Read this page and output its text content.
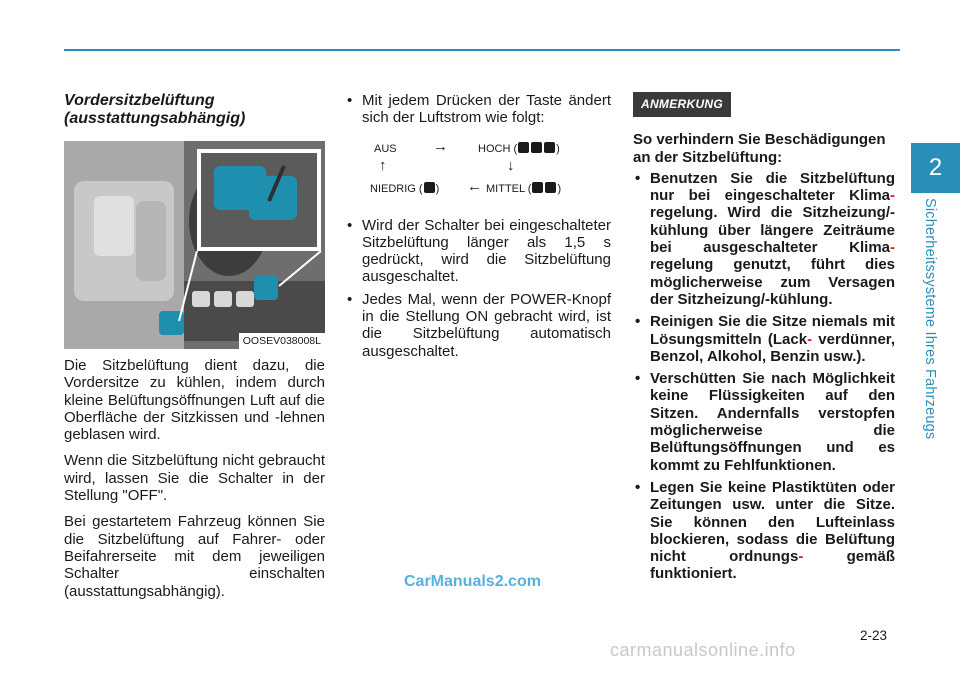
2
Sicherheitssysteme Ihres Fahrzeugs
Vordersitzbelüftung (ausstattungsabhängig)
OOSEV038008L

Die Sitzbelüftung dient dazu, die Vordersitze zu kühlen, indem durch kleine Belüftungsöffnungen Luft auf die Oberfläche der Sitzkissen und -lehnen geblasen wird.

Wenn die Sitzbelüftung nicht gebraucht wird, lassen Sie die Schalter in der Stellung "OFF".

Bei gestartetem Fahrzeug können Sie die Sitzbelüftung auf Fahrer- oder Beifahrerseite mit dem jeweiligen Schalter einschalten (ausstattungsabhängig).

• Mit jedem Drücken der Taste ändert sich der Luftstrom wie folgt:
AUS →	HOCH (	)
↑	↓
NIEDRIG ( ) ← MITTEL ( )
• Wird der Schalter bei eingeschalteter Sitzbelüftung länger als 1,5 s gedrückt, wird die Sitzbelüftung ausgeschaltet.
• Jedes Mal, wenn der POWER-Knopf in die Stellung ON gebracht wird, ist die Sitzbelüftung automatisch ausgeschaltet.
ANMERKUNG
So verhindern Sie Beschädigungen an der Sitzbelüftung:
• Benutzen Sie die Sitzbelüftung nur bei eingeschalteter Klima- regelung. Wird die Sitzheizung/-kühlung über längere Zeiträume bei ausgeschalteter Klima- regelung genutzt, führt dies möglicherweise zum Versagen der Sitzheizung/-kühlung.
• Reinigen Sie die Sitze niemals mit Lösungsmitteln (Lack- verdünner, Benzol, Alkohol, Benzin usw.).
• Verschütten Sie nach Möglichkeit keine Flüssigkeiten auf den Sitzen. Andernfalls verstopfen möglicherweise die Belüftungsöffnungen und es kommt zu Fehlfunktionen.
• Legen Sie keine Plastiktüten oder Zeitungen usw. unter die Sitze. Sie können den Lufteinlass blockieren, sodass die Belüftung nicht ordnungs-	gemäß funktioniert.
2-23
CarManuals2.com
carmanualsonline.info
